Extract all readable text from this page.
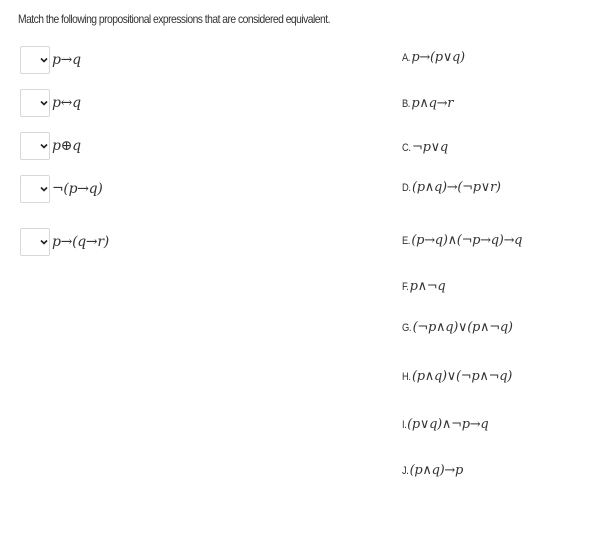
Match the following propositional expressions that are considered equivalent.
p→q
p↔q
p⊕q
¬(p→q)
p→(q→r)
A. p→(p∨q)
B. p∧q→r
C. ¬p∨q
D. (p∧q)→(¬p∨r)
E. (p→q)∧(¬p→q)→q
F. p∧¬q
G. (¬p∧q)∨(p∧¬q)
H. (p∧q)∨(¬p∧¬q)
I. (p∨q)∧¬p→q
J. (p∧q)→p
